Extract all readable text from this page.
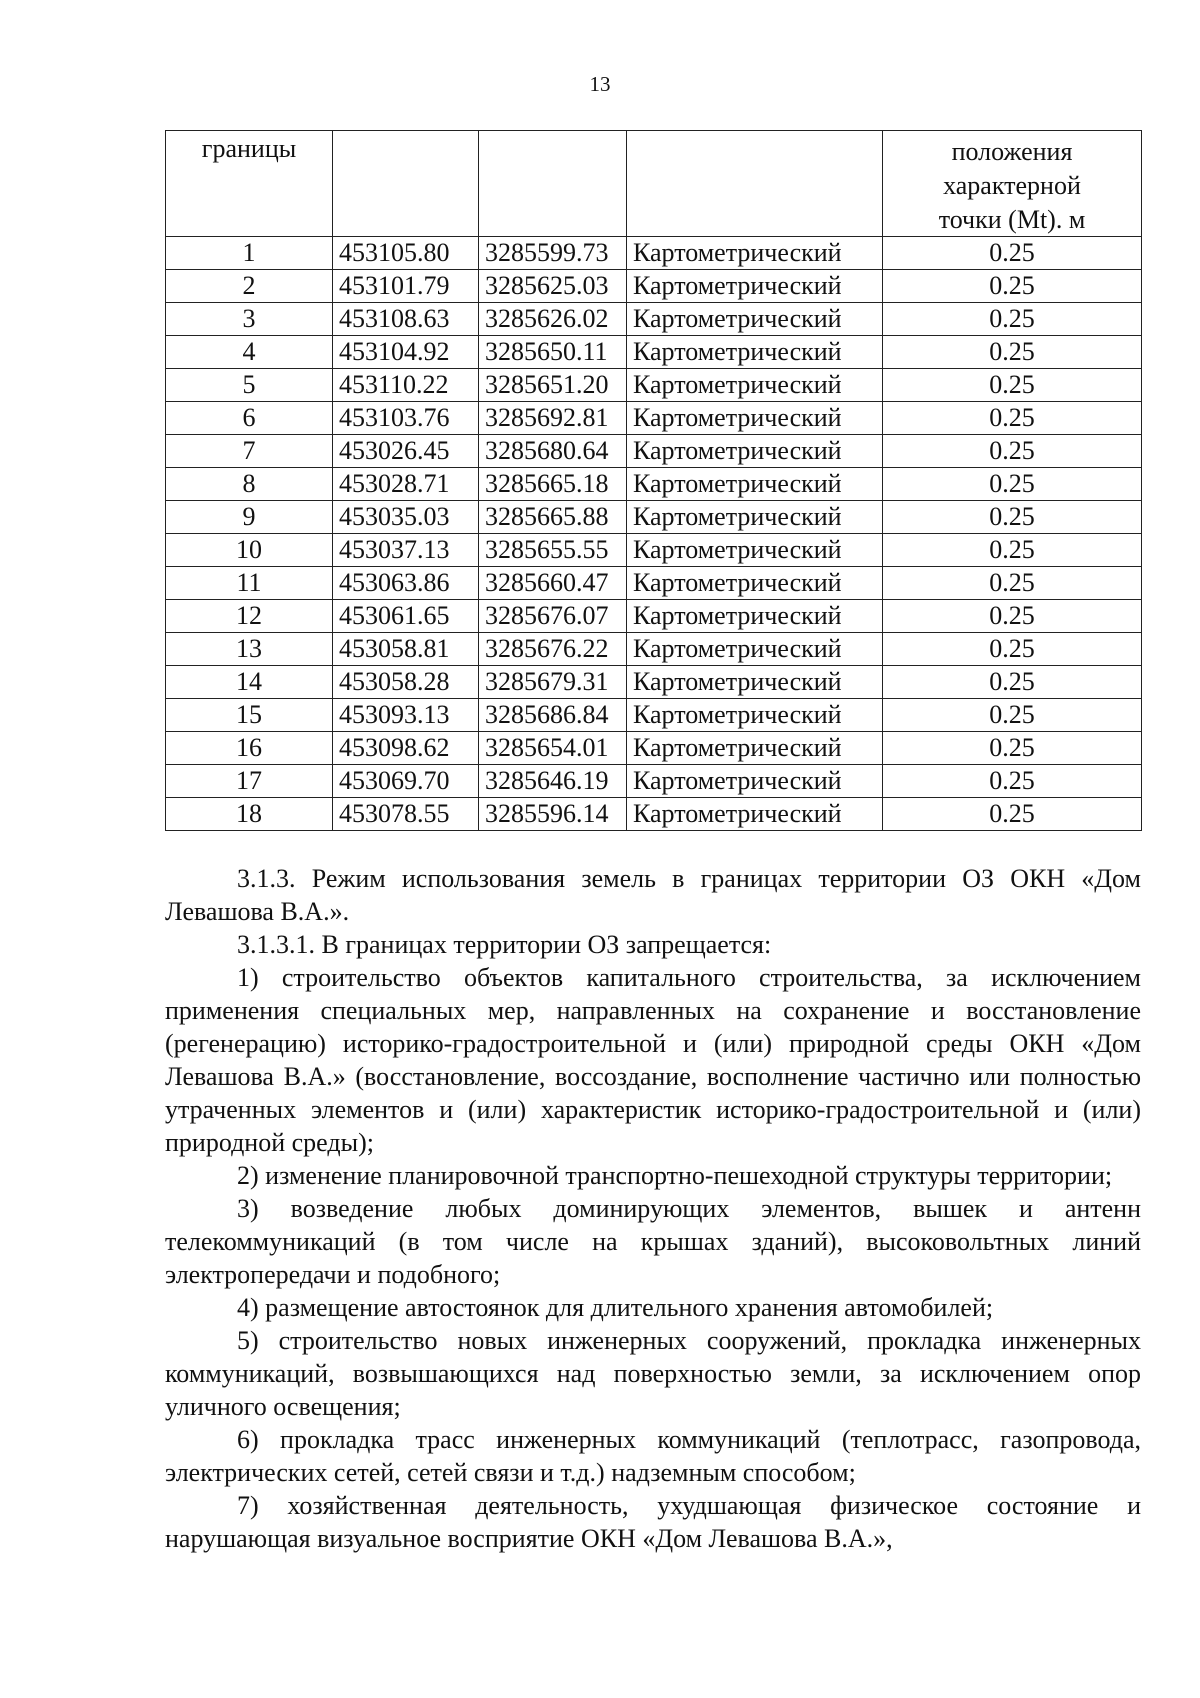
13
границы				положения
характерной
точки (Mt). м

1	453105.80	3285599.73	Картометрический	0.25
2	453101.79	3285625.03	Картометрический	0.25
3	453108.63	3285626.02	Картометрический	0.25
4	453104.92	3285650.11	Картометрический	0.25
5	453110.22	3285651.20	Картометрический	0.25
6	453103.76	3285692.81	Картометрический	0.25
7	453026.45	3285680.64	Картометрический	0.25
8	453028.71	3285665.18	Картометрический	0.25
9	453035.03	3285665.88	Картометрический	0.25
10	453037.13	3285655.55	Картометрический	0.25
11	453063.86	3285660.47	Картометрический	0.25
12	453061.65	3285676.07	Картометрический	0.25
13	453058.81	3285676.22	Картометрический	0.25
14	453058.28	3285679.31	Картометрический	0.25
15	453093.13	3285686.84	Картометрический	0.25
16	453098.62	3285654.01	Картометрический	0.25
17	453069.70	3285646.19	Картометрический	0.25
18	453078.55	3285596.14	Картометрический	0.25

3.1.3. Режим использования земель в границах территории ОЗ ОКН «Дом Левашова В.А.».

3.1.3.1. В границах территории ОЗ запрещается:

1) строительство объектов капитального строительства, за исключением применения специальных мер, направленных на сохранение и восстановление (регенерацию) историко-градостроительной и (или) природной среды ОКН «Дом Левашова В.А.» (восстановление, воссоздание, восполнение частично или полностью утраченных элементов и (или) характеристик историко-градостроительной и (или) природной среды);

2) изменение планировочной транспортно-пешеходной структуры территории;

3) возведение любых доминирующих элементов, вышек и антенн телекоммуникаций (в том числе на крышах зданий), высоковольтных линий электропередачи и подобного;

4) размещение автостоянок для длительного хранения автомобилей;

5) строительство новых инженерных сооружений, прокладка инженерных коммуникаций, возвышающихся над поверхностью земли, за исключением опор уличного освещения;

6) прокладка трасс инженерных коммуникаций (теплотрасс, газопровода, электрических сетей, сетей связи и т.д.) надземным способом;

7) хозяйственная деятельность, ухудшающая физическое состояние и нарушающая визуальное восприятие ОКН «Дом Левашова В.А.»,
